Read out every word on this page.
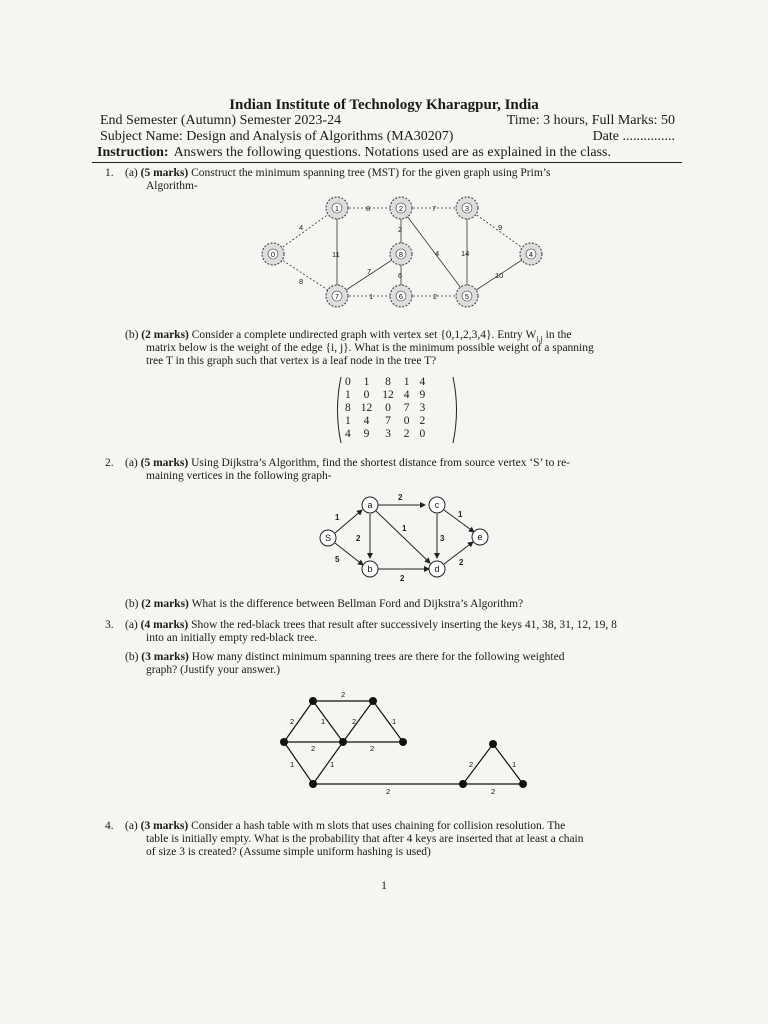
Indian Institute of Technology Kharagpur, India
End Semester (Autumn) Semester 2023-24	Time: 3 hours, Full Marks: 50
Subject Name: Design and Analysis of Algorithms (MA30207)	Date ...............
Instruction: Answers the following questions. Notations used are as explained in the class.
1. (a) (5 marks) Construct the minimum spanning tree (MST) for the given graph using Prim’s
Algorithm-
4
8
8	7
9
11
2
4	14
7	10
6
1	2
0
1	2	3
4
5
6
7
8
(b) (2 marks) Consider a complete undirected graph with vertex set {0,1,2,3,4}. Entry $W_{i,j}$ in the
matrix below is the weight of the edge {i, j}. What is the minimum possible weight of a spanning
tree T in this graph such that vertex is a leaf node in the tree T?
0	1	8	1	4
1	0	12	4	9
8	12	0	7	3
1	4	7	0	2
4	9	3	2	0
2. (a) (5 marks) Using Dijkstra’s Algorithm, find the shortest distance from source vertex ‘S’ to re-
maining vertices in the following graph-
2
1
2
1
3
1
5
2
2
S
a	c
b	d
e
(b) (2 marks) What is the difference between Bellman Ford and Dijkstra’s Algorithm?
3. (a) (4 marks) Show the red-black trees that result after successively inserting the keys 41, 38, 31, 12, 19, 8
into an initially empty red-black tree.
(b) (3 marks) How many distinct minimum spanning trees are there for the following weighted
graph? (Justify your answer.)
2
2	1	2	1
2	2
1	1
2
2	1
2
4. (a) (3 marks) Consider a hash table with m slots that uses chaining for collision resolution. The
table is initially empty. What is the probability that after 4 keys are inserted that at least a chain
of size 3 is created? (Assume simple uniform hashing is used)
1
